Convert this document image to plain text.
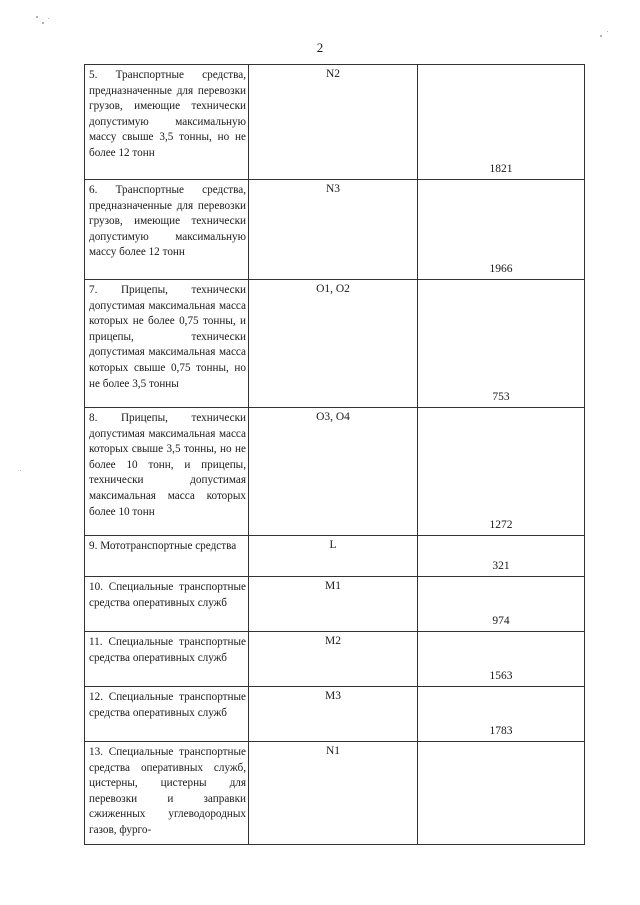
2
5. Транспортные средства, предназначенные для перевозки грузов, имеющие технически допустимую максимальную массу свыше 3,5 тонны, но не более 12 тонн	N2	1821

6. Транспортные средства, предназначенные для перевозки грузов, имеющие технически допустимую максимальную массу более 12 тонн	N3	1966

7. Прицепы, технически допустимая максимальная масса которых не более 0,75 тонны, и прицепы, технически допустимая максимальная масса которых свыше 0,75 тонны, но не более 3,5 тонны	O1, O2	753

8. Прицепы, технически допустимая максимальная масса которых свыше 3,5 тонны, но не более 10 тонн, и прицепы, технически допустимая максимальная масса которых более 10 тонн	O3, O4	1272

9. Мототранспортные средства	L	321

10. Специальные транспортные средства оперативных служб	M1	974

11. Специальные транспортные средства оперативных служб	M2	1563

12. Специальные транспортные средства оперативных служб	M3	1783

13. Специальные транспортные средства оперативных служб, цистерны, цистерны для перевозки и заправки сжиженных углеводородных газов, фурго-	N1	
